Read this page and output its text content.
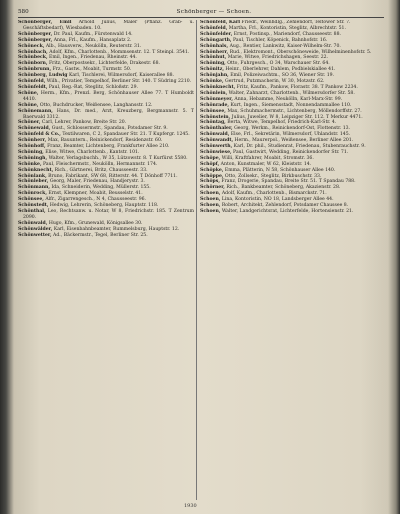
580	Schönberger — Schoen.

Schönberger, Emil Arnold Julius, Maler (Pflanz. Grab- u. Geschäftsbedarf), Wiesbaden. 10.

Schönberger, Dr. Paul, Kaufm., Fürstenwald 14.

Schönberger, Anna, Frl., Kaufm., Hansaplatz 2.

Schöneck, Alb., Hausverw., Neukölln, Reuterstr. 31.

Schönbach, Adolf, Kfm., Charlottenb., Mommsenstr. 12. T Steinpl. 3541.

Schönbeck, Emil, Ingen., Friedenau, Rheinstr. 44.

Schönborn, Fritz, Oberpostsekr., Lichterfelde, Drakestr. 68.

Schönbrunn, Frz., Gastw., Moabit, Turmstr. 50.

Schönberg, Ludwig Karl, Tischlerei, Wilmersdorf, Kaiserallee 88.

Schönfeld, Wilh., Privatier, Tempelhof, Berliner Str. 140. T Südring 2210.

Schönfeldt, Paul, Reg.-Rat, Steglitz, Schloßstr. 29.

Schöne, Herm., Kfm., Prenzl. Berg, Schönhauser Allee 77. T Humboldt 4410.

Schöne, Otto, Buchdrucker, Weißensee, Langhansstr. 12.

Schönemann, Hans, Dr. med., Arzt, Kreuzberg, Bergmannstr. 5. T Baerwald 3312.

Schöner, Carl, Lehrer, Pankow, Breite Str. 20.

Schönewald, Gust., Schlossermstr., Spandau, Potsdamer Str. 9.

Schönfeld & Co., Textilwaren, C 2, Spandauer Str. 21. T Kupfergr. 1245.

Schönherr, Max, Bauuntern., Reinickendorf, Residenzstr. 60.

Schönhoff, Franz, Beamter, Lichtenberg, Frankfurter Allee 210.

Schöning, Elise, Witwe, Charlottenb., Kantstr. 101.

Schöningh, Walter, Verlagsbuchh., W 35, Lützowstr. 8. T Kurfürst 5580.

Schönke, Paul, Fleischermstr., Neukölln, Hermannstr. 174.

Schönknecht, Rich., Gärtnerei, Britz, Chausseestr. 33.

Schönlank, Bruno, Fabrikant, SW 68, Ritterstr. 44. T Dönhoff 7711.

Schönleber, Georg, Maler, Friedenau, Handjerystr. 3.

Schönmann, Ida, Schneiderin, Wedding, Müllerstr. 155.

Schönrock, Ernst, Klempner, Moabit, Beusselstr. 41.

Schönsee, Alfr., Zigarrengesch., N 4, Chausseestr. 96.

Schönstedt, Hedwig, Lehrerin, Schöneberg, Hauptstr. 118.

Schönthal, Leo, Rechtsanw. u. Notar, W 8, Friedrichstr. 185. T Zentrum 2090.

Schönwald, Hugo, Kfm., Grunewald, Königsallee 30.

Schönwälder, Karl, Eisenbahnbeamter, Rummelsburg, Hauptstr. 12.

Schönwetter, Ad., Bäckermstr., Tegel, Berliner Str. 25.

Schönfeld, Karl Friedr., Weinhdlg., Zehlendorf, Teltower Str. 7.

Schönfeld, Martha, Frl., Kontoristin, Steglitz, Albrechtstr. 51.

Schönfelder, Ernst, Postinsp., Mariendorf, Chausseestr. 88.

Schöngarth, Paul, Tischler, Köpenick, Bahnhofstr. 16.

Schönhals, Aug., Rentier, Lankwitz, Kaiser-Wilhelm-Str. 70.

Schönherr, Rud., Elektromont., Oberschöneweide, Wilhelminenhofstr. 5.

Schönhut, Marie, Witwe, Friedrichshagen, Seestr. 22.

Schöning, Otto, Fuhrgesch., O 34, Warschauer Str. 64.

Schönitz, Heinr., Oberlehrer, Dahlem, Podbielskiallee 41.

Schönjahn, Emil, Polizeiwachtm., SO 36, Wiener Str. 19.

Schönke, Gertrud, Putzmacherin, W 30, Motzstr. 62.

Schönknecht, Fritz, Kaufm., Pankow, Florastr. 38. T Pankow 2234.

Schönlein, Walter, Zahnarzt, Charlottenb., Wilmersdorfer Str. 58.

Schönmeyer, Anna, Hebamme, Neukölln, Karl-Marx-Str. 99.

Schönrade, Kurt, Ingen., Siemensstadt, Nonnendammallee 110.

Schönsee, Max, Schuhmachermstr., Lichtenberg, Möllendorffstr. 27.

Schönstein, Julius, Juwelier, W 8, Leipziger Str. 112. T Merkur 4471.

Schöntag, Berta, Witwe, Tempelhof, Friedrich-Karl-Str. 4.

Schönthaler, Georg, Werkm., Reinickendorf-Ost, Flottenstr. 13.

Schönwald, Else, Frl., Sekretärin, Wilmersdorf, Uhlandstr. 145.

Schönwandt, Herm., Maurerpol., Weißensee, Berliner Allee 201.

Schönwerth, Karl, Dr. phil., Studienrat, Friedenau, Stubenrauchstr. 9.

Schönwiese, Paul, Gastwirt, Wedding, Reinickendorfer Str. 71.

Schöpe, Willi, Kraftfahrer, Moabit, Stromstr. 36.

Schöpf, Anton, Kunstmaler, W 62, Kleiststr. 14.

Schöpke, Emma, Plätterin, N 58, Schönhauser Allee 140.

Schöppe, Otto, Zollsekr., Steglitz, Birkbuschstr. 33.

Schöps, Franz, Drogerie, Spandau, Breite Str. 51. T Spandau 788.

Schörner, Rich., Bankbeamter, Schöneberg, Akazienstr. 28.

Schoen, Adolf, Kaufm., Charlottenb., Bismarckstr. 71.

Schoen, Lina, Kontoristin, NO 18, Landsberger Allee 44.

Schoen, Robert, Architekt, Zehlendorf, Potsdamer Chaussee 8.

Schoen, Walter, Landgerichtsrat, Lichterfelde, Hortensienstr. 21.

1930
